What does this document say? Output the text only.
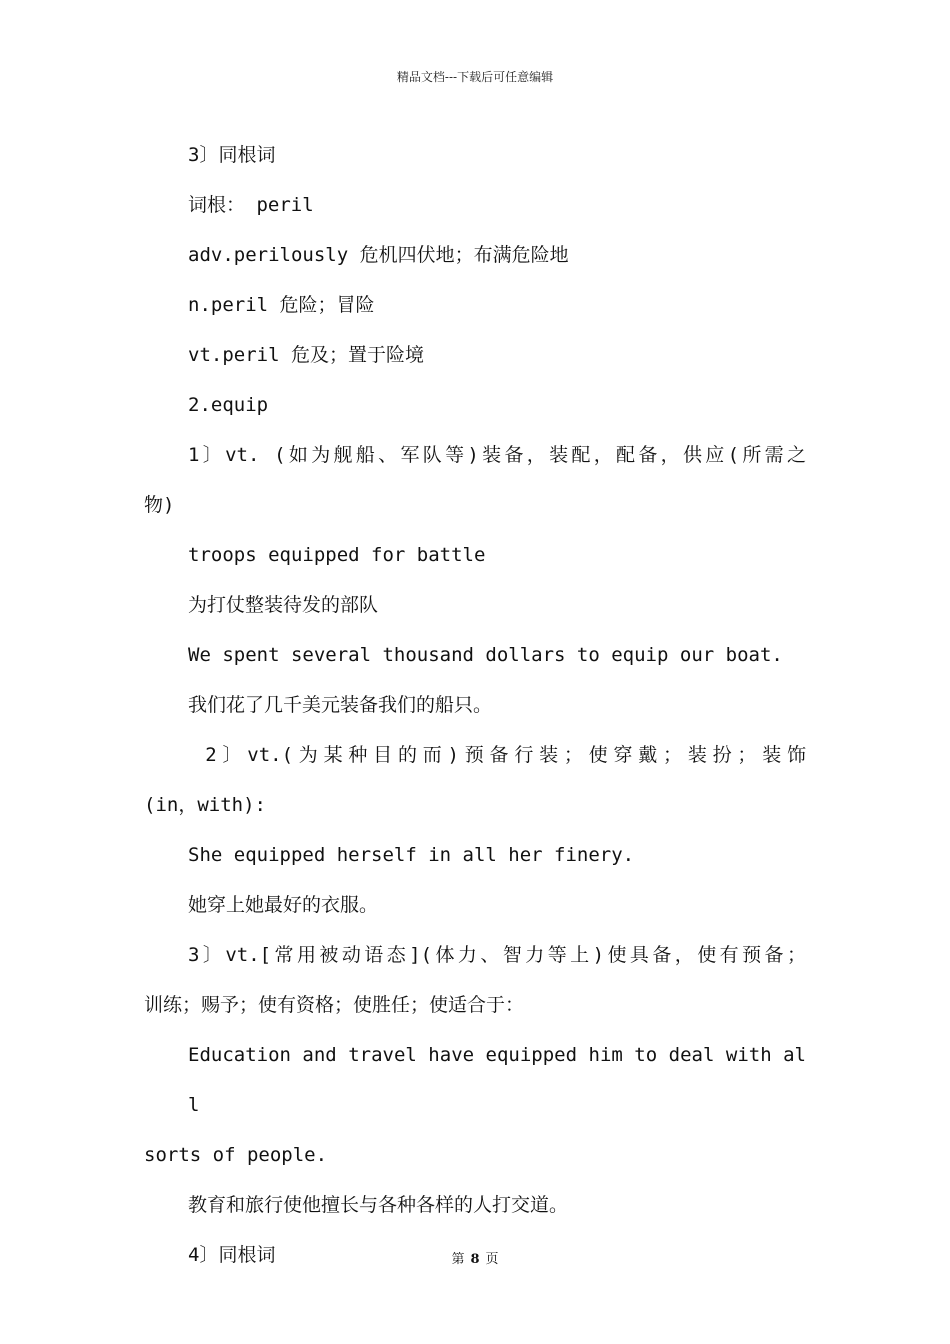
精品文档---下载后可任意编辑
3〕同根词
词根： peril
adv.perilously 危机四伏地；布满危险地
n.peril 危险；冒险
vt.peril 危及；置于险境
2.equip
1〕vt. (如为舰船、军队等)装备，装配，配备，供应(所需之
物)
troops equipped for battle
为打仗整装待发的部队
We spent several thousand dollars to equip our boat.
我们花了几千美元装备我们的船只。
2〕vt.(为某种目的而)预备行装；使穿戴；装扮；装饰
(in，with):
She equipped herself in all her finery.
她穿上她最好的衣服。
3〕vt.[常用被动语态](体力、智力等上)使具备，使有预备；
训练；赐予；使有资格；使胜任；使适合于：
Education and travel have equipped him to deal with all
sorts of people.
教育和旅行使他擅长与各种各样的人打交道。
4〕同根词	第 8 页
